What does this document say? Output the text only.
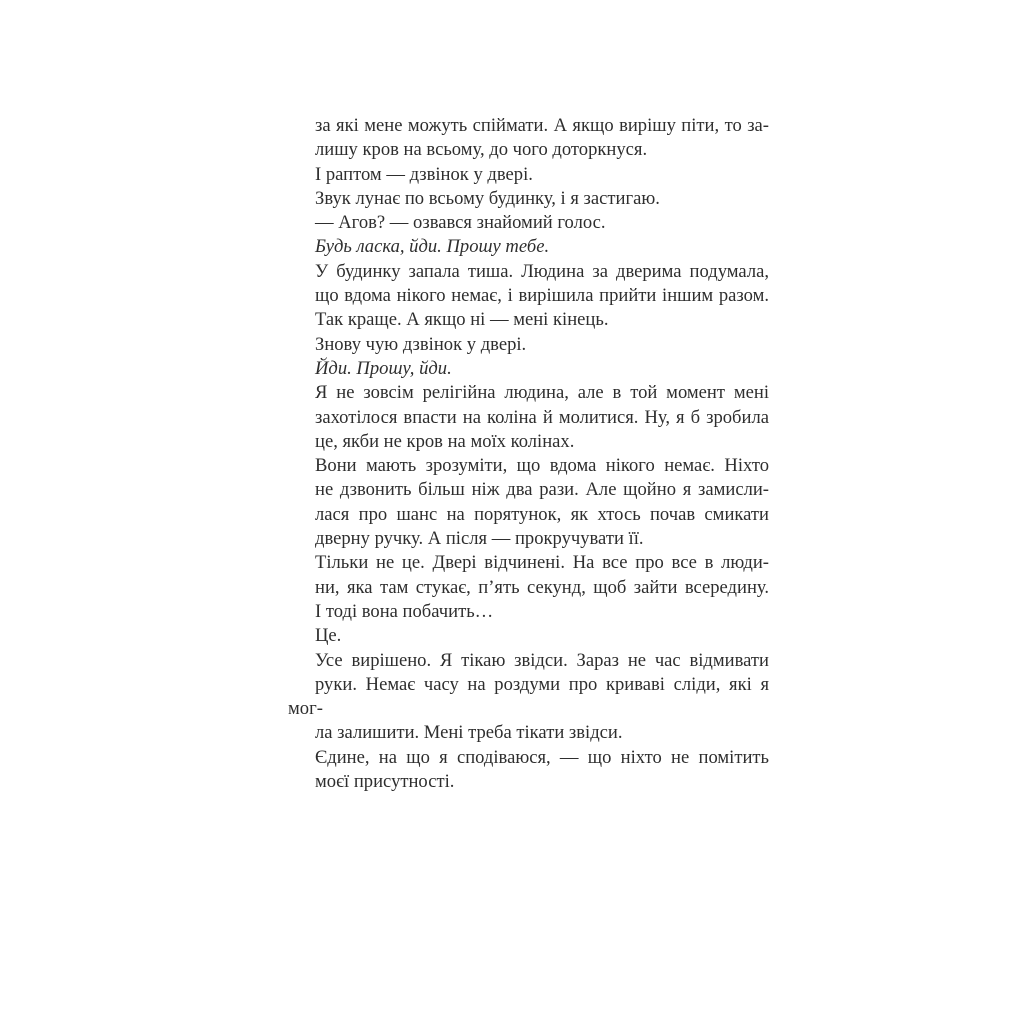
за які мене можуть спіймати. А якщо вирішу піти, то за-
лишу кров на всьому, до чого доторкнуся.

І раптом — дзвінок у двері.

Звук лунає по всьому будинку, і я застигаю.

— Агов? — озвався знайомий голос.

Будь ласка, йди. Прошу тебе.

У будинку запала тиша. Людина за дверима подумала,
що вдома нікого немає, і вирішила прийти іншим разом.
Так краще. А якщо ні — мені кінець.

Знову чую дзвінок у двері.

Йди. Прошу, йди.

Я не зовсім релігійна людина, але в той момент мені
захотілося впасти на коліна й молитися. Ну, я б зробила
це, якби не кров на моїх колінах.

Вони мають зрозуміти, що вдома нікого немає. Ніхто
не дзвонить більш ніж два рази. Але щойно я замисли-
лася про шанс на порятунок, як хтось почав смикати
дверну ручку. А після — прокручувати її.

Тільки не це. Двері відчинені. На все про все в люди-
ни, яка там стукає, п’ять секунд, щоб зайти всередину.
І тоді вона побачить…

Це.

Усе вирішено. Я тікаю звідси. Зараз не час відмивати
руки. Немає часу на роздуми про криваві сліди, які я мог-
ла залишити. Мені треба тікати звідси.

Єдине, на що я сподіваюся, — що ніхто не помітить
моєї присутності.
